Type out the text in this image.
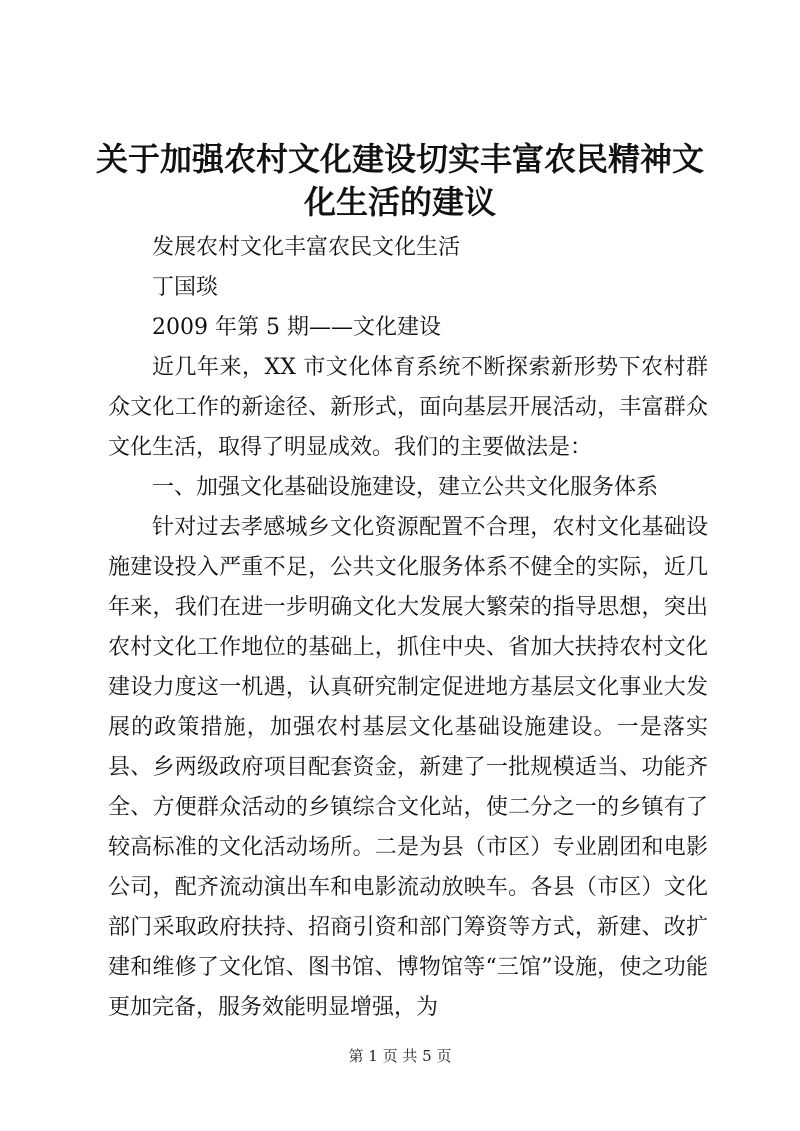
关于加强农村文化建设切实丰富农民精神文化生活的建议

发展农村文化丰富农民文化生活

丁国琰

2009 年第 5 期——文化建设

近几年来，XX 市文化体育系统不断探索新形势下农村群众文化工作的新途径、新形式，面向基层开展活动，丰富群众文化生活，取得了明显成效。我们的主要做法是：

一、加强文化基础设施建设，建立公共文化服务体系

针对过去孝感城乡文化资源配置不合理，农村文化基础设施建设投入严重不足，公共文化服务体系不健全的实际，近几年来，我们在进一步明确文化大发展大繁荣的指导思想，突出农村文化工作地位的基础上，抓住中央、省加大扶持农村文化建设力度这一机遇，认真研究制定促进地方基层文化事业大发展的政策措施，加强农村基层文化基础设施建设。一是落实县、乡两级政府项目配套资金，新建了一批规模适当、功能齐全、方便群众活动的乡镇综合文化站，使二分之一的乡镇有了较高标准的文化活动场所。二是为县（市区）专业剧团和电影公司，配齐流动演出车和电影流动放映车。各县（市区）文化部门采取政府扶持、招商引资和部门筹资等方式，新建、改扩建和维修了文化馆、图书馆、博物馆等“三馆”设施，使之功能更加完备，服务效能明显增强，为

第 1 页 共 5 页
